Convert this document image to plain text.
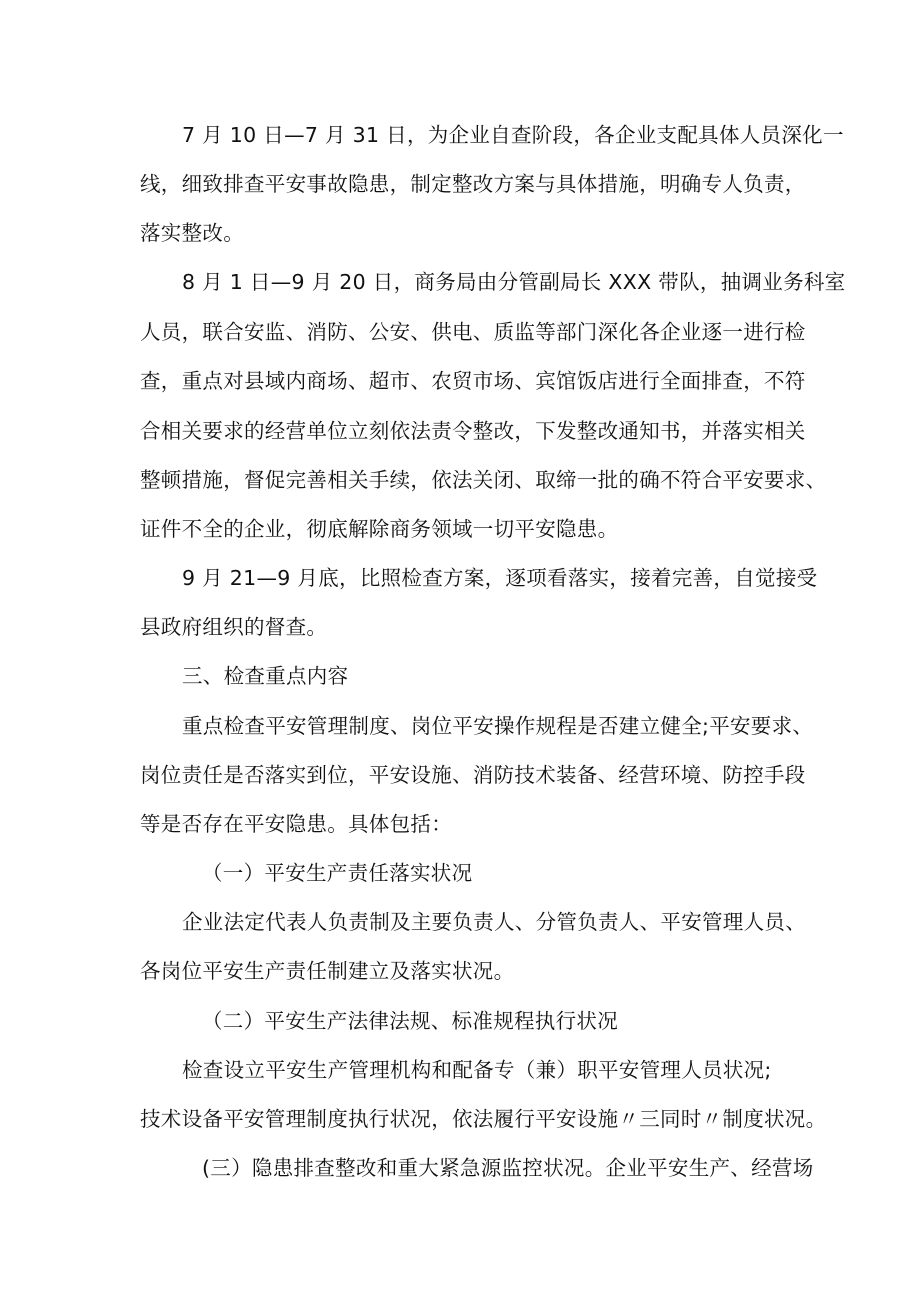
7 月 10 日—7 月 31 日，为企业自查阶段，各企业支配具体人员深化一
线，细致排查平安事故隐患，制定整改方案与具体措施，明确专人负责，
落实整改。
8 月 1 日—9 月 20 日，商务局由分管副局长 XXX 带队，抽调业务科室
人员，联合安监、消防、公安、供电、质监等部门深化各企业逐一进行检
查，重点对县域内商场、超市、农贸市场、宾馆饭店进行全面排查，不符
合相关要求的经营单位立刻依法责令整改，下发整改通知书，并落实相关
整顿措施，督促完善相关手续，依法关闭、取缔一批的确不符合平安要求、
证件不全的企业，彻底解除商务领域一切平安隐患。
9 月 21—9 月底，比照检查方案，逐项看落实，接着完善，自觉接受
县政府组织的督查。
三、检查重点内容
重点检查平安管理制度、岗位平安操作规程是否建立健全;平安要求、
岗位责任是否落实到位，平安设施、消防技术装备、经营环境、防控手段
等是否存在平安隐患。具体包括：
（一）平安生产责任落实状况
企业法定代表人负责制及主要负责人、分管负责人、平安管理人员、
各岗位平安生产责任制建立及落实状况。
（二）平安生产法律法规、标准规程执行状况
检查设立平安生产管理机构和配备专（兼）职平安管理人员状况;
技术设备平安管理制度执行状况，依法履行平安设施〃三同时〃制度状况。
(三）隐患排查整改和重大紧急源监控状况。企业平安生产、经营场
